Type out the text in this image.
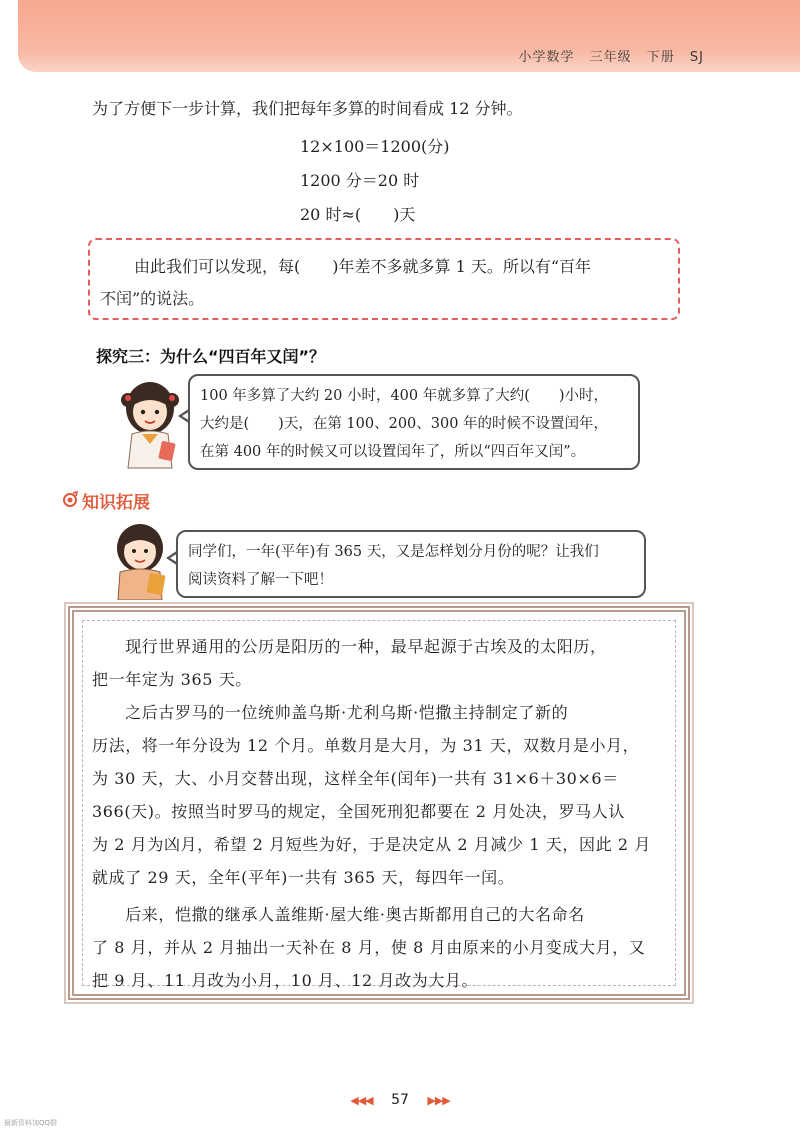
小学数学 三年级 下册 SJ
为了方便下一步计算，我们把每年多算的时间看成 12 分钟。
12×100＝1200(分)
1200 分＝20 时
20 时≈(　　)天
由此我们可以发现，每(　　)年差不多就多算 1 天。所以有“百年
不闰”的说法。
探究三：为什么“四百年又闰”？
100 年多算了大约 20 小时，400 年就多算了大约(　　)小时，
大约是(　　)天，在第 100、200、300 年的时候不设置闰年，
在第 400 年的时候又可以设置闰年了，所以“四百年又闰”。
知识拓展
同学们，一年(平年)有 365 天，又是怎样划分月份的呢？让我们
阅读资料了解一下吧！
　　现行世界通用的公历是阳历的一种，最早起源于古埃及的太阳历，
把一年定为 365 天。
　　之后古罗马的一位统帅盖乌斯·尤利乌斯·恺撒主持制定了新的
历法，将一年分设为 12 个月。单数月是大月，为 31 天，双数月是小月，
为 30 天，大、小月交替出现，这样全年(闰年)一共有 31×6＋30×6＝
366(天)。按照当时罗马的规定，全国死刑犯都要在 2 月处决，罗马人认
为 2 月为凶月，希望 2 月短些为好，于是决定从 2 月减少 1 天，因此 2 月
就成了 29 天，全年(平年)一共有 365 天，每四年一闰。
　　后来，恺撒的继承人盖维斯·屋大维·奥古斯都用自己的大名命名
了 8 月，并从 2 月抽出一天补在 8 月，使 8 月由原来的小月变成大月，又
把 9 月、11 月改为小月，10 月、12 月改为大月。
◀◀◀ 57 ▶▶▶
最新资料加QQ群
